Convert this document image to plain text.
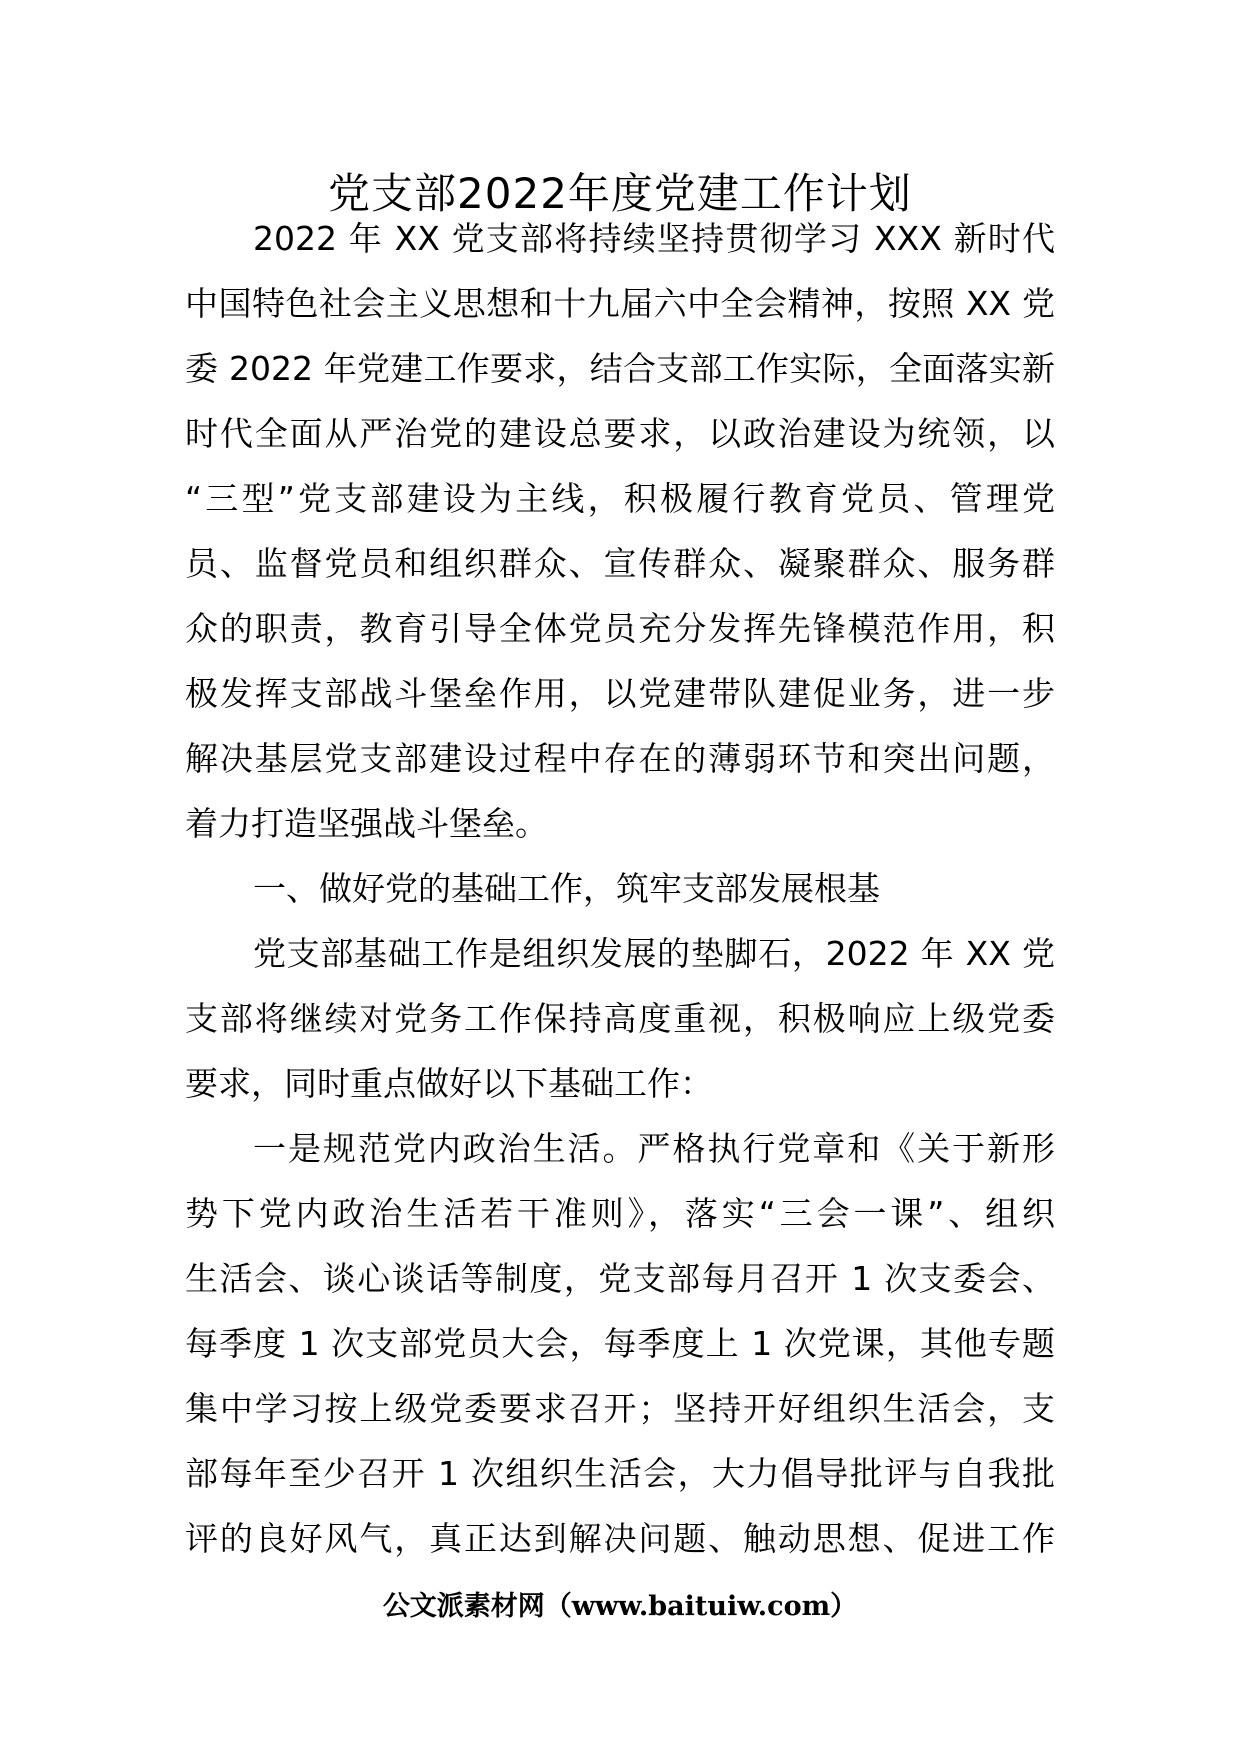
党支部2022年度党建工作计划
2022 年 XX 党支部将持续坚持贯彻学习 XXX 新时代
中国特色社会主义思想和十九届六中全会精神，按照 XX 党
委 2022 年党建工作要求，结合支部工作实际，全面落实新
时代全面从严治党的建设总要求，以政治建设为统领，以
“三型”党支部建设为主线，积极履行教育党员、管理党
员、监督党员和组织群众、宣传群众、凝聚群众、服务群
众的职责，教育引导全体党员充分发挥先锋模范作用，积
极发挥支部战斗堡垒作用，以党建带队建促业务，进一步
解决基层党支部建设过程中存在的薄弱环节和突出问题，
着力打造坚强战斗堡垒。
一、做好党的基础工作，筑牢支部发展根基
党支部基础工作是组织发展的垫脚石，2022 年 XX 党
支部将继续对党务工作保持高度重视，积极响应上级党委
要求，同时重点做好以下基础工作：
一是规范党内政治生活。严格执行党章和《关于新形
势下党内政治生活若干准则》，落实“三会一课”、组织
生活会、谈心谈话等制度，党支部每月召开 1 次支委会、
每季度 1 次支部党员大会，每季度上 1 次党课，其他专题
集中学习按上级党委要求召开；坚持开好组织生活会，支
部每年至少召开 1 次组织生活会，大力倡导批评与自我批
评的良好风气，真正达到解决问题、触动思想、促进工作
公文派素材网（www.baituiw.com）
